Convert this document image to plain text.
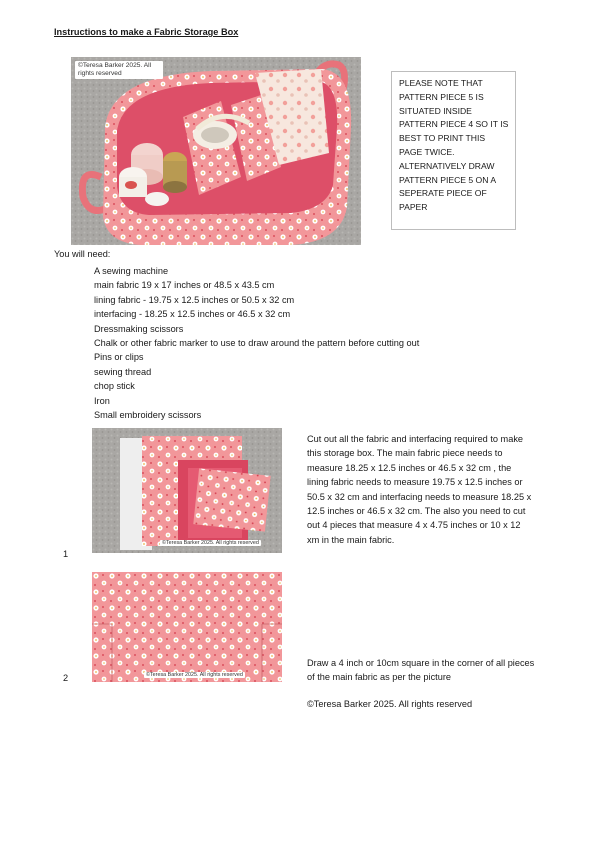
Instructions to make a Fabric Storage Box
©Teresa Barker 2025. All rights reserved
PLEASE NOTE THAT PATTERN PIECE 5 IS SITUATED INSIDE PATTERN PIECE 4 SO IT IS BEST TO PRINT THIS PAGE TWICE. ALTERNATIVELY DRAW PATTERN PIECE 5 ON A SEPERATE PIECE OF PAPER
You will need:
A sewing machine
main fabric 19 x 17 inches or 48.5 x 43.5 cm
lining fabric - 19.75 x 12.5 inches or 50.5 x 32 cm
interfacing - 18.25 x 12.5 inches or 46.5 x 32 cm
Dressmaking scissors
Chalk or other fabric marker to use to draw around the pattern before cutting out
Pins or clips
sewing thread
chop stick
Iron
Small embroidery scissors
©Teresa Barker 2025. All rights reserved
1
Cut out all the fabric and interfacing required to make this storage box. The main fabric piece needs to measure 18.25 x 12.5 inches or 46.5 x 32 cm , the lining fabric needs to measure 19.75 x 12.5 inches or 50.5 x 32 cm and interfacing needs to measure 18.25 x 12.5 inches or 46.5 x 32 cm. The also you need to cut out 4 pieces that measure 4 x 4.75 inches or 10 x 12 xm in the main fabric.
©Teresa Barker 2025. All rights reserved
2
Draw a 4 inch or 10cm square in the corner of all pieces of the main fabric as per the picture
©Teresa Barker 2025. All rights reserved
